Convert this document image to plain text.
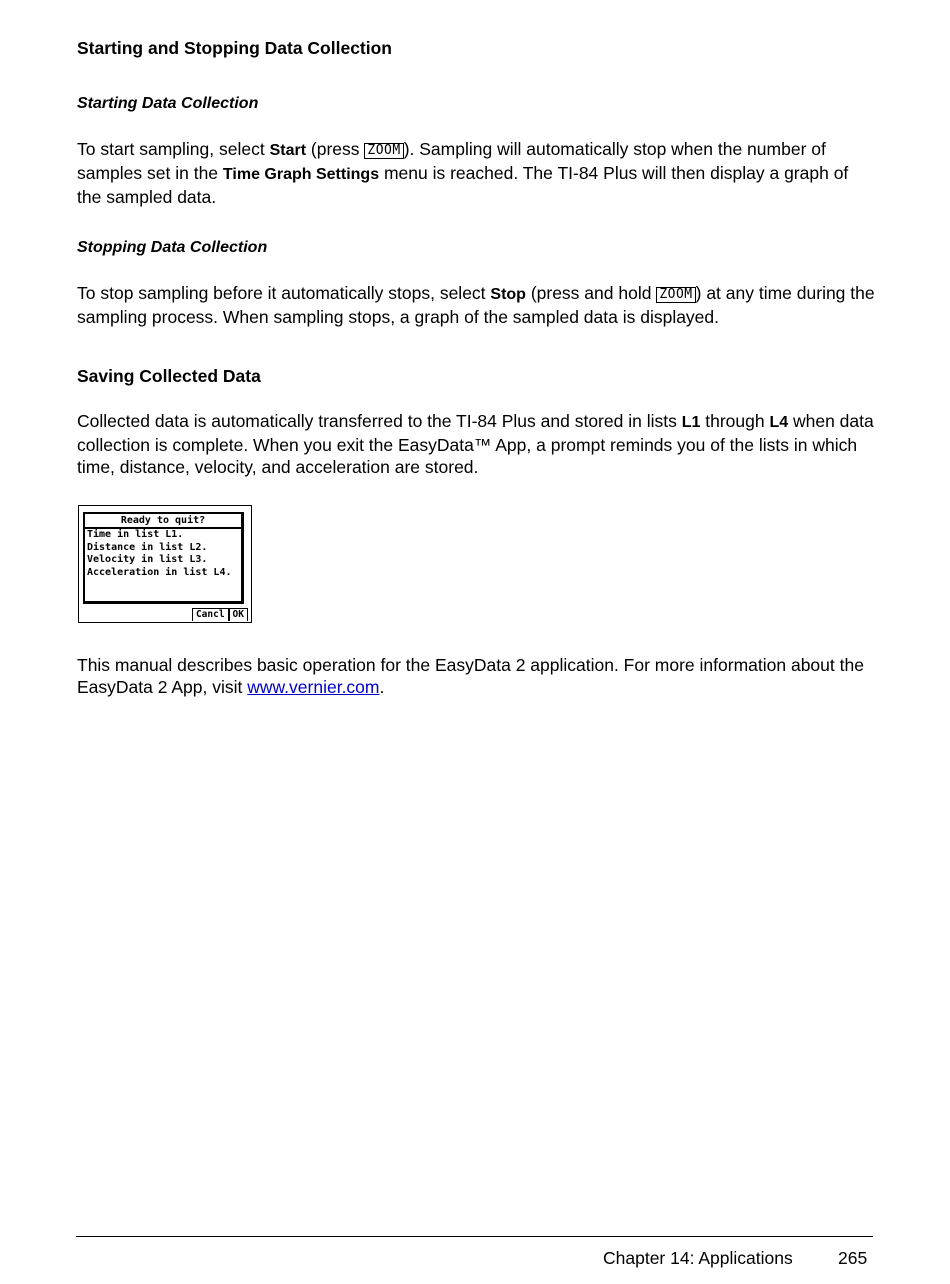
Starting and Stopping Data Collection
Starting Data Collection

To start sampling, select Start (press ZOOM ). Sampling will automatically stop when the number of samples set in the Time Graph Settings menu is reached. The TI-84 Plus will then display a graph of the sampled data.

Stopping Data Collection

To stop sampling before it automatically stops, select Stop (press and hold ZOOM ) at any time during the sampling process. When sampling stops, a graph of the sampled data is displayed.

Saving Collected Data

Collected data is automatically transferred to the TI-84 Plus and stored in lists L1 through L4 when data collection is complete. When you exit the EasyData™ App, a prompt reminds you of the lists in which time, distance, velocity, and acceleration are stored.

Ready to quit?
Time in list L1.
Distance in list L2.
Velocity in list L3.
Acceleration in list L4.
Cancl OK

This manual describes basic operation for the EasyData 2 application. For more information about the EasyData 2 App, visit www.vernier.com.

Chapter 14: Applications	265
